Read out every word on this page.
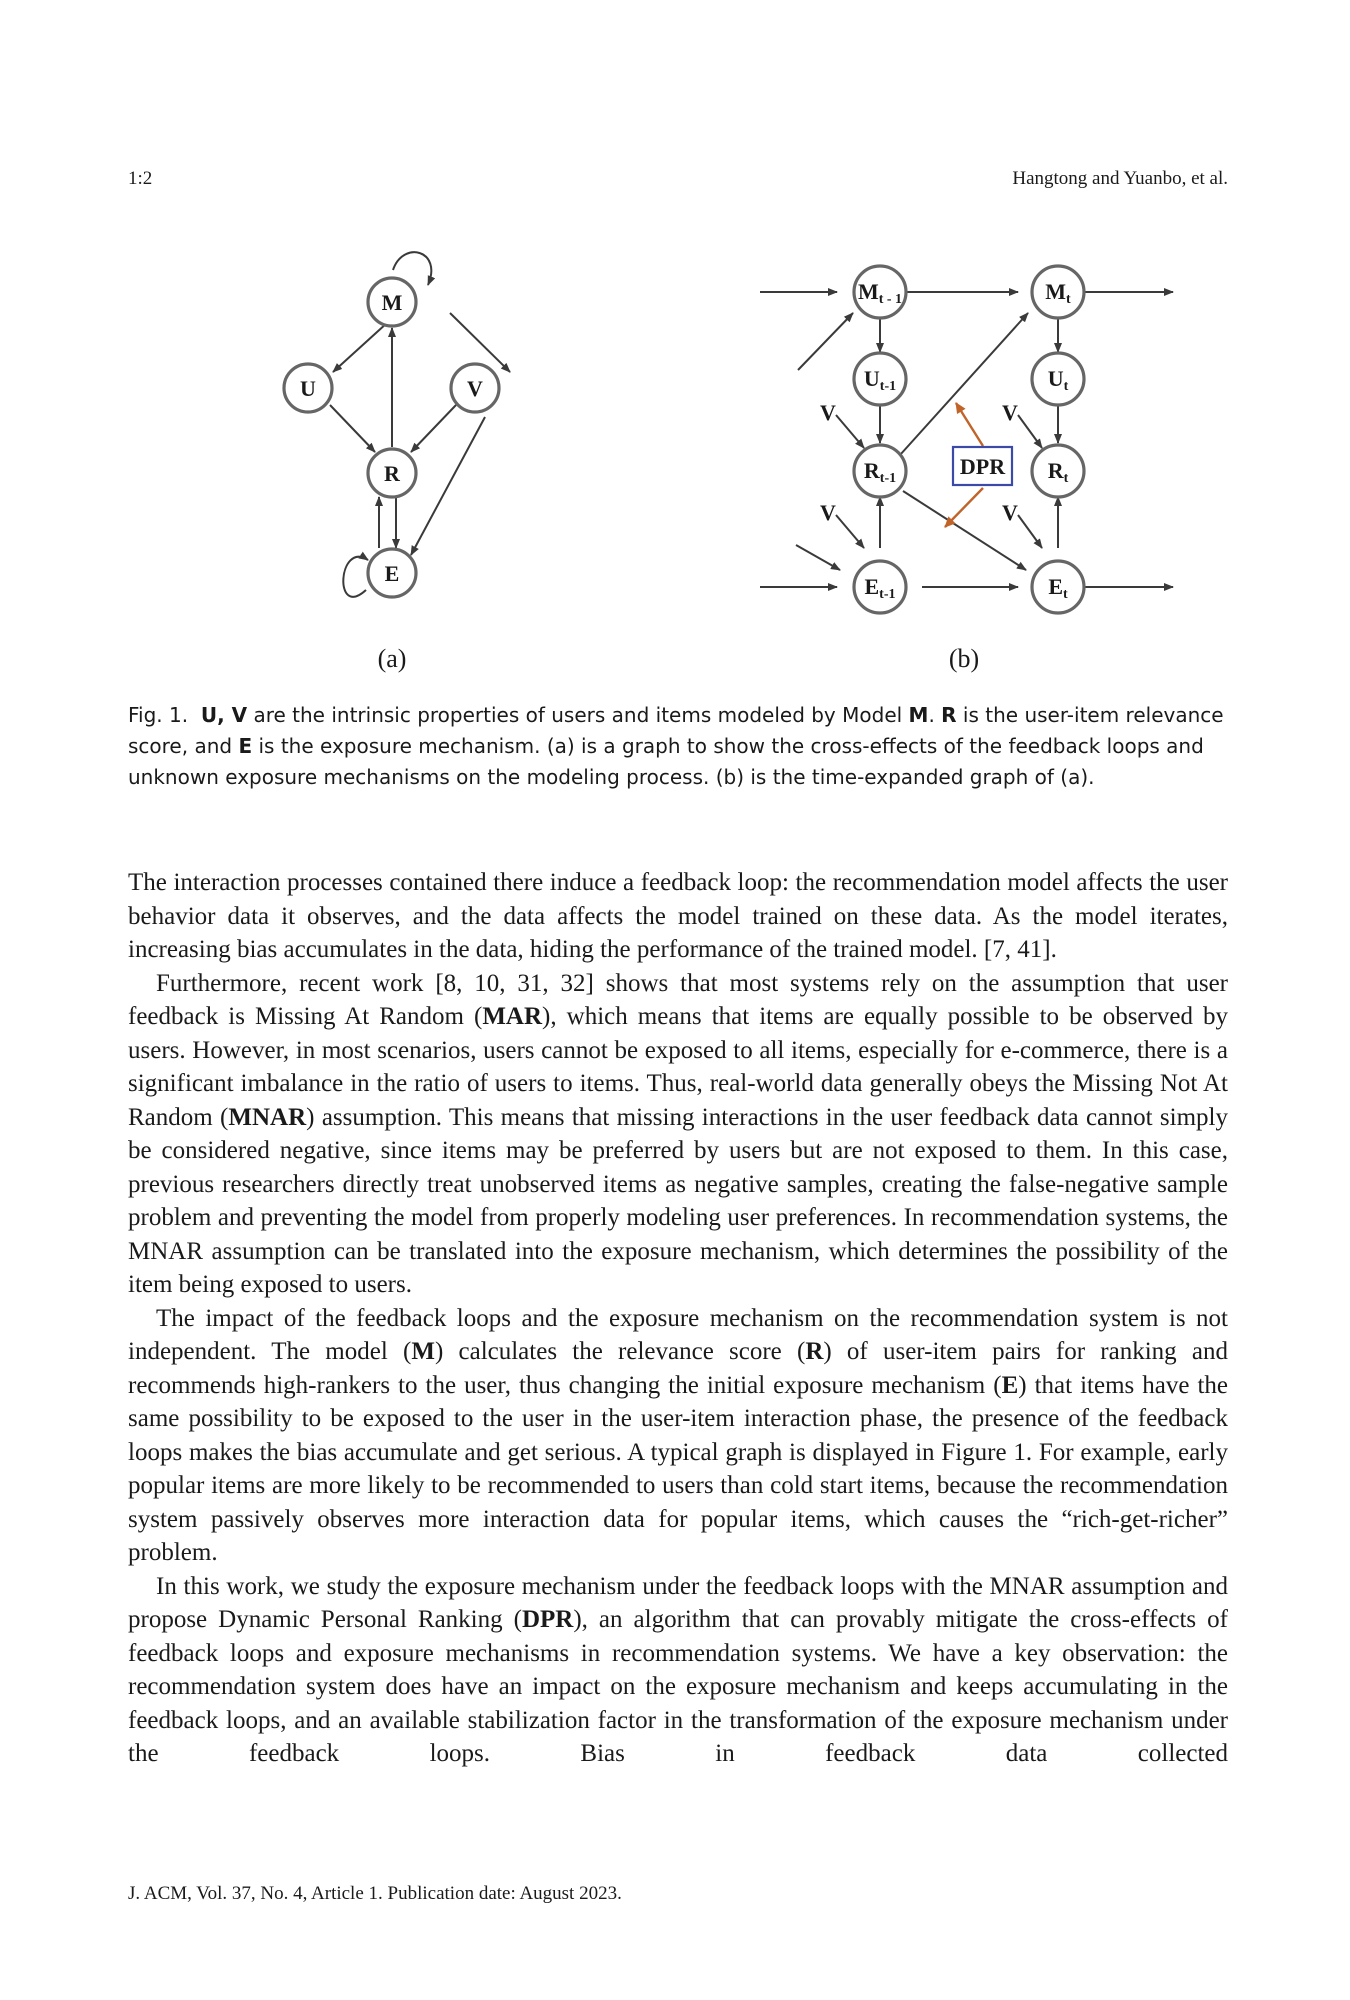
1:2	Hangtong and Yuanbo, et al.
M
U	V
R
E
(a)
DPR
Mt - 1	Mt
Ut-1	Ut
Rt-1	Rt
Et-1	Et
V
V
V
V
(b)

Fig. 1. U, V are the intrinsic properties of users and items modeled by Model M. R is the user-item relevance score, and E is the exposure mechanism. (a) is a graph to show the cross-effects of the feedback loops and unknown exposure mechanisms on the modeling process. (b) is the time-expanded graph of (a).

The interaction processes contained there induce a feedback loop: the recommendation model affects the user behavior data it observes, and the data affects the model trained on these data. As the model iterates, increasing bias accumulates in the data, hiding the performance of the trained model. [7, 41].

Furthermore, recent work [8, 10, 31, 32] shows that most systems rely on the assumption that user feedback is Missing At Random (MAR), which means that items are equally possible to be observed by users. However, in most scenarios, users cannot be exposed to all items, especially for e-commerce, there is a significant imbalance in the ratio of users to items. Thus, real-world data generally obeys the Missing Not At Random (MNAR) assumption. This means that missing interactions in the user feedback data cannot simply be considered negative, since items may be preferred by users but are not exposed to them. In this case, previous researchers directly treat unobserved items as negative samples, creating the false-negative sample problem and preventing the model from properly modeling user preferences. In recommendation systems, the MNAR assumption can be translated into the exposure mechanism, which determines the possibility of the item being exposed to users.

The impact of the feedback loops and the exposure mechanism on the recommendation system is not independent. The model (M) calculates the relevance score (R) of user-item pairs for ranking and recommends high-rankers to the user, thus changing the initial exposure mechanism (E) that items have the same possibility to be exposed to the user in the user-item interaction phase, the presence of the feedback loops makes the bias accumulate and get serious. A typical graph is displayed in Figure 1. For example, early popular items are more likely to be recommended to users than cold start items, because the recommendation system passively observes more interaction data for popular items, which causes the “rich-get-richer” problem.

In this work, we study the exposure mechanism under the feedback loops with the MNAR assumption and propose Dynamic Personal Ranking (DPR), an algorithm that can provably mitigate the cross-effects of feedback loops and exposure mechanisms in recommendation systems. We have a key observation: the recommendation system does have an impact on the exposure mechanism and keeps accumulating in the feedback loops, and an available stabilization factor in the transformation of the exposure mechanism under the feedback loops. Bias in feedback data collected

J. ACM, Vol. 37, No. 4, Article 1. Publication date: August 2023.
